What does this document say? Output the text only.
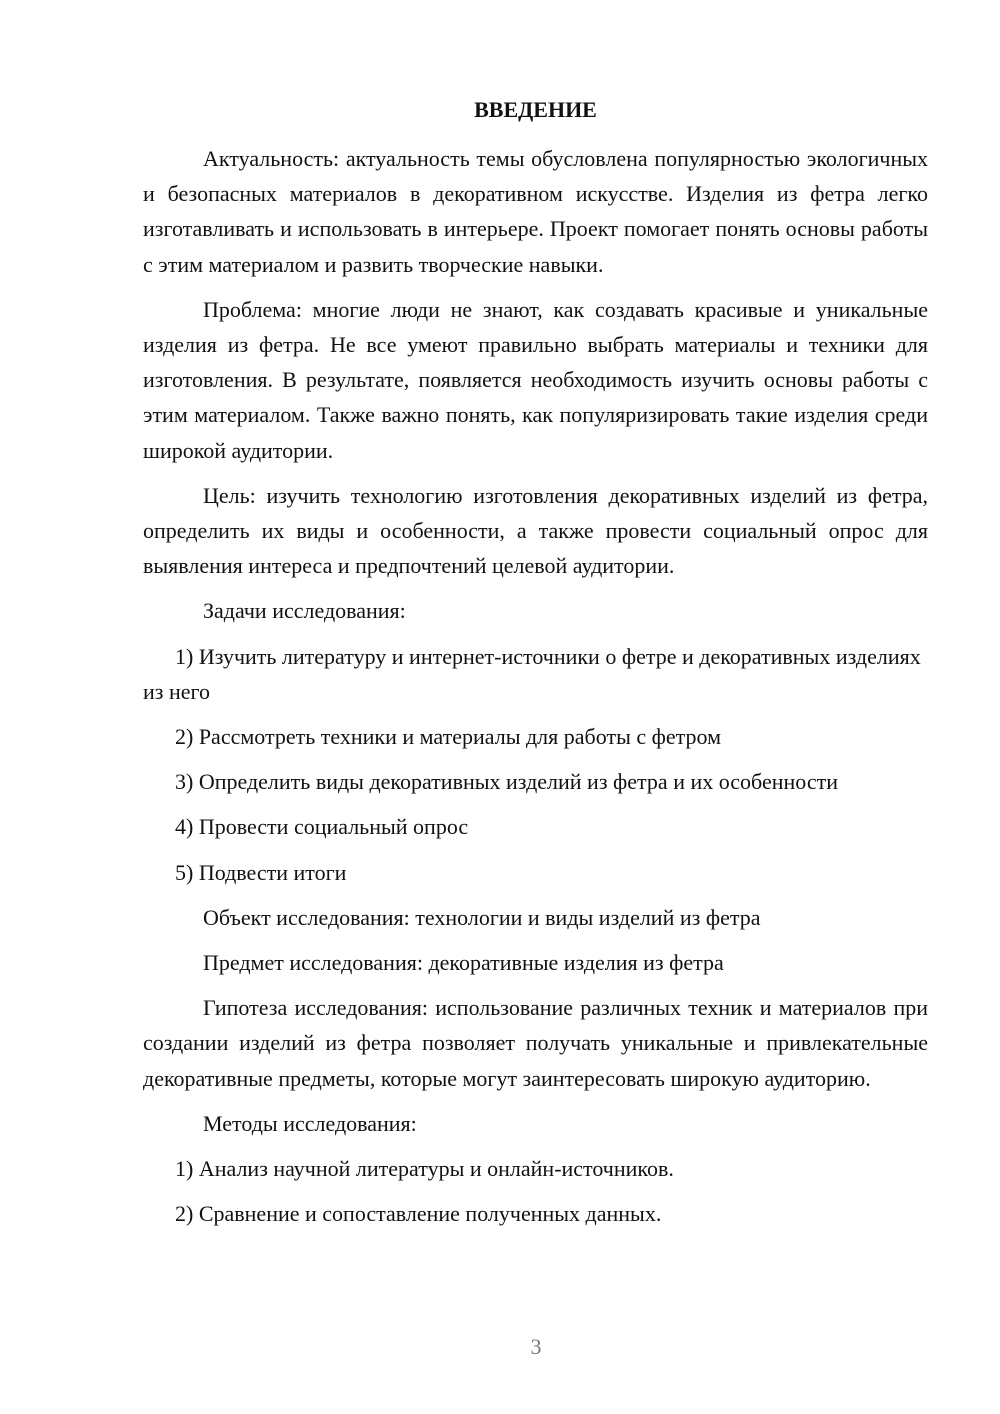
ВВЕДЕНИЕ

Актуальность: актуальность темы обусловлена популярностью экологичных и безопасных материалов в декоративном искусстве. Изделия из фетра легко изготавливать и использовать в интерьере. Проект помогает понять основы работы с этим материалом и развить творческие навыки.

Проблема: многие люди не знают, как создавать красивые и уникальные изделия из фетра. Не все умеют правильно выбрать материалы и техники для изготовления. В результате, появляется необходимость изучить основы работы с этим материалом. Также важно понять, как популяризировать такие изделия среди широкой аудитории.

Цель: изучить технологию изготовления декоративных изделий из фетра, определить их виды и особенности, а также провести социальный опрос для выявления интереса и предпочтений целевой аудитории.

Задачи исследования:

1) Изучить литературу и интернет-источники о фетре и декоративных изделиях из него

2) Рассмотреть техники и материалы для работы с фетром

3) Определить виды декоративных изделий из фетра и их особенности

4) Провести социальный опрос

5) Подвести итоги

Объект исследования: технологии и виды изделий из фетра

Предмет исследования: декоративные изделия из фетра

Гипотеза исследования: использование различных техник и материалов при создании изделий из фетра позволяет получать уникальные и привлекательные декоративные предметы, которые могут заинтересовать широкую аудиторию.

Методы исследования:

1) Анализ научной литературы и онлайн-источников.

2) Сравнение и сопоставление полученных данных.

3
